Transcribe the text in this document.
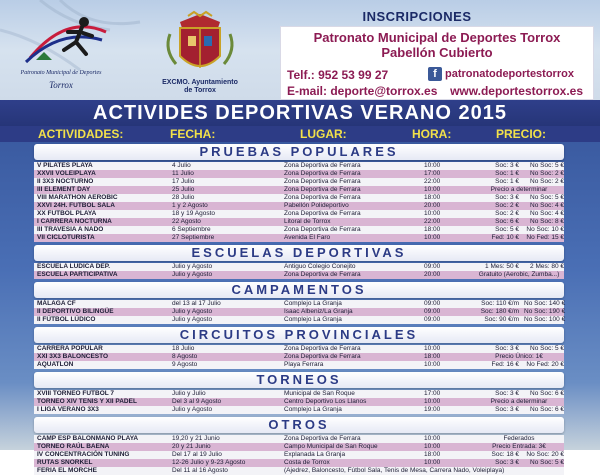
Patronato Municipal de Deportes
Torrox	EXCMO. Ayuntamiento
de Torrox
INSCRIPCIONES
Patronato Municipal de Deportes Torrox
Pabellón Cubierto
Telf.: 952 53 99 27	f patronatodeportestorrox
E-mail: deporte@torrox.es www.deportestorrox.es
ACTIVIDES DEPORTIVAS VERANO 2015
ACTIVIDADES:	FECHA:	LUGAR:	HORA:	PRECIO:
PRUEBAS POPULARES
V PILATES PLAYA	4 Julio	Zona Deportiva de Ferrara	10:00	Soc: 3 €	No Soc: 5 €
XXVII VOLEIPLAYA	11 Julio	Zona Deportiva de Ferrara	17:00	Soc: 1 €	No Soc: 2 €
II 3X3 NOCTURNO	17 Julio	Zona Deportiva de Ferrara	22:00	Soc: 1 €	No Soc: 2 €
III ELEMENT DAY	25 Julio	Zona Deportiva de Ferrara	10:00	Precio a determinar
VIII MARATHON AEROBIC	28 Julio	Zona Deportiva de Ferrara	18:00	Soc: 3 €	No Soc: 5 €
XXVI 24H. FUTBOL SALA	1 y 2 Agosto	Pabellón Polideportivo	20:00	Soc: 2 €	No Soc: 4 €
XX FUTBOL PLAYA	18 y 19 Agosto	Zona Deportiva de Ferrara	10:00	Soc: 2 €	No Soc: 4 €
I CARRERA NOCTURNA	22 Agosto	Litoral de Torrox	22:00	Soc: 6 €	No Soc: 8 €
III TRAVESIA A NADO	6 Septiembre	Zona Deportiva de Ferrara	18:00	Soc: 5 €	No Soc: 10 €
VII CICLOTURISTA	27 Septiembre	Avenida El Faro	10:00	Fed: 10 €	No Fed: 15 €
ESCUELAS DEPORTIVAS
ESCUELA LUDICA DEP.	Julio y Agosto	Antiguo Colegio Conejito	09:00	1 Mes: 50 €	2 Mes: 80 €
ESCUELA PARTICIPATIVA	Julio y Agosto	Zona Deportiva de Ferrara	20:00	Gratuito (Aerobic, Zumba...)
CAMPAMENTOS
MÁLAGA CF	del 13 al 17 Julio	Complejo La Granja	09:00	Soc: 110 €/m No Soc: 140 €
II DEPORTIVO BILINGÜE	Julio y Agosto	Isaac Albeniz/La Granja	09:00	Soc: 180 €/m No Soc: 190 €
II FÚTBOL LÚDICO	Julio y Agosto	Complejo La Granja	09:00	Soc: 90 €/m No Soc: 100 €
CIRCUITOS PROVINCIALES
CARRERA POPULAR	18 Julio	Zona Deportiva de Ferrara	10:00	Soc: 3 €	No Soc: 5 €
XXI 3X3 BALONCESTO	8 Agosto	Zona Deportiva de Ferrara	18:00	Precio Único: 1€
AQUATLON	9 Agosto	Playa Ferrara	10:00	Fed: 16 €	No Fed: 20 €
TORNEOS
XVIII TORNEO FUTBOL 7	Julio y Julio	Municipal de San Roque	17:00	Soc: 3 €	No Soc: 6 €
TORNEO XIV TENIS Y XII PADEL	Del 3 al 9 Agosto	Centro Deportivo Los Llanos	10:00	Precio a determinar
I LIGA VERANO 3X3	Julio y Agosto	Complejo La Granja	19:00	Soc: 3 €	No Soc: 6 €
OTROS
CAMP ESP BALONMANO PLAYA	19,20 y 21 Junio	Zona Deportiva de Ferrara	10:00	Federados
TORNEO RAÚL BAENA	20 y 21 Junio	Campo Municipal de San Roque	10:00	Precio Entrada: 3€
IV CONCENTRACIÓN TUNING	Del 17 al 19 Julio	Explanada La Granja	18:00	Soc: 18 €	No Soc: 20 €
RUTAS SNORKEL	12-26 Julio y 9-23 Agosto	Costa de Torrox	10:00	Soc: 3 €	No Soc: 5 €
FERIA EL MORCHE	Del 11 al 16 Agosto	(Ajedrez, Baloncesto, Fútbol Sala, Tenis de Mesa, Carrera Nado, Voleiplaya)
